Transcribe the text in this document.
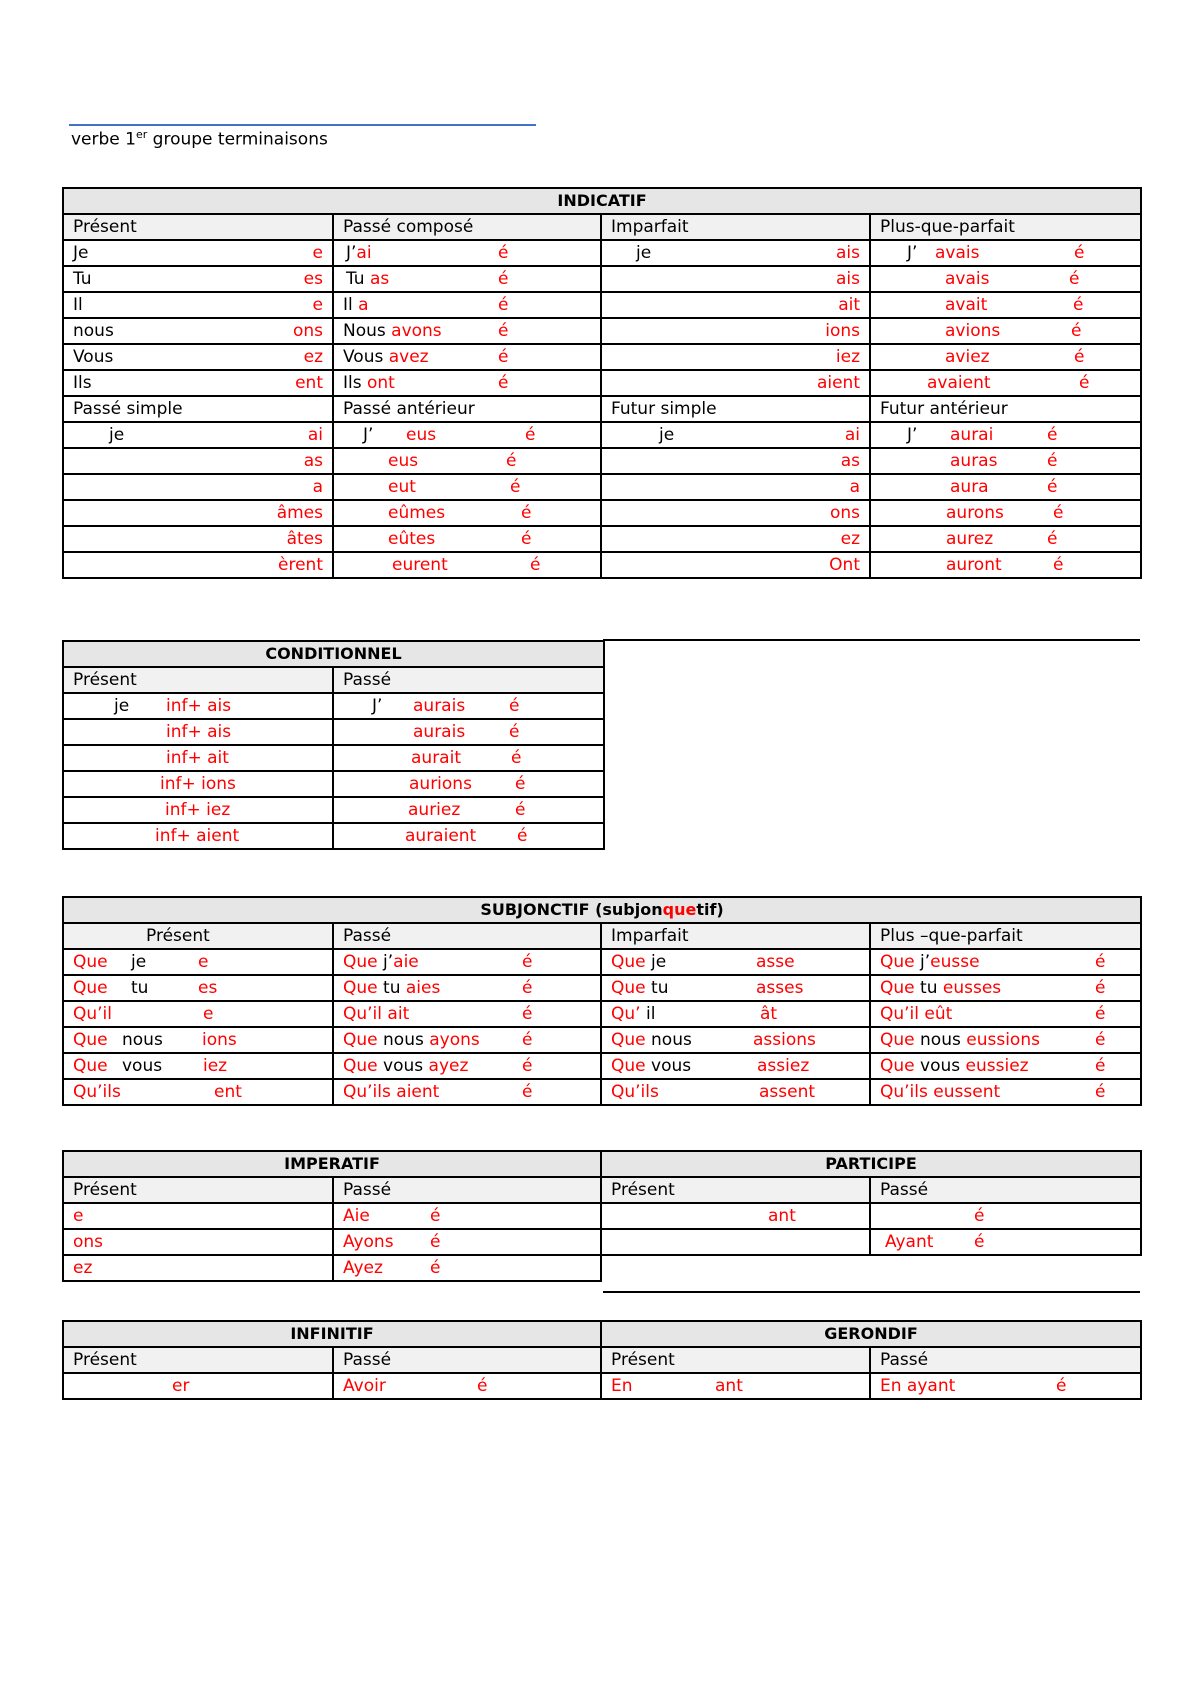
verbe 1er groupe terminaisons
INDICATIF			
Présent	Passé composé	Imparfait	Plus-que-parfait
Je e	J’ai é	je ais	J’ avais é

Tu es	Tu as é	ais	avais é

Il e	Il a é	ait	avait é

nous ons	Nous avons é	ions	avions é

Vous ez	Vous avez é	iez	aviez é

Ils ent	Ils ont é	aient	avaient é

Passé simple	Passé antérieur	Futur simple	Futur antérieur

je ai	J’ eus é	je ai	J’ aurai é

as	eus é	as	auras é

a	eut é	a	aura é

âmes	eûmes é	ons	aurons é

âtes	eûtes é	ez	aurez é

èrent	eurent é	Ont	auront é
CONDITIONNEL	
Présent	Passé

je inf+ ais	J’ aurais é

inf+ ais	aurais é

inf+ ait	aurait é

inf+ ions	aurions é

inf+ iez	auriez é

inf+ aient	auraient é
SUBJONCTIF (subjonquetif)			
Présent	Passé	Imparfait	Plus –que-parfait

Que je e	Que j’aie é	Que je asse	Que j’eusse é

Que tu es	Que tu aies é	Que tu asses	Que tu eusses é

Qu’il e	Qu’il ait é	Qu’ il ât	Qu’il eût é

Que nous ions	Que nous ayons é	Que nous assions	Que nous eussions é

Que vous iez	Que vous ayez é	Que vous assiez	Que vous eussiez é

Qu’ils ent	Qu’ils aient é	Qu’ils assent	Qu’ils eussent é
IMPERATIF		PARTICIPE	
Présent	Passé	Présent	Passé
e	Aie é	ant	é

ons	Ayons é		Ayant é

ez	Ayez é		

INFINITIF		GERONDIF	
Présent	Passé	Présent	Passé

er	Avoir é	En ant	En ayant é
